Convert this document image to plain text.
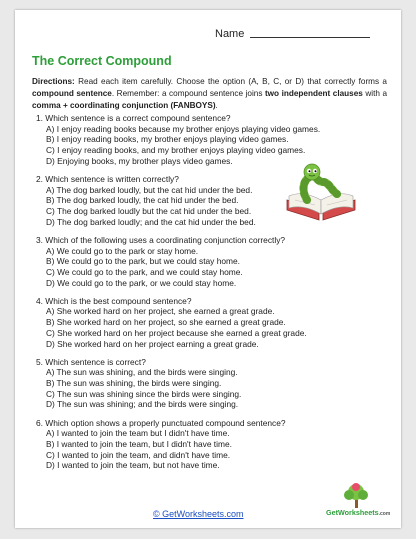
Name
The Correct Compound
Directions: Read each item carefully. Choose the option (A, B, C, or D) that correctly forms a compound sentence. Remember: a compound sentence joins two independent clauses with a comma + coordinating conjunction (FANBOYS).
1. Which sentence is a correct compound sentence?
A) I enjoy reading books because my brother enjoys playing video games.
B) I enjoy reading books, my brother enjoys playing video games.
C) I enjoy reading books, and my brother enjoys playing video games.
D) Enjoying books, my brother plays video games.
2. Which sentence is written correctly?
A) The dog barked loudly, but the cat hid under the bed.
B) The dog barked loudly, the cat hid under the bed.
C) The dog barked loudly but the cat hid under the bed.
D) The dog barked loudly; and the cat hid under the bed.
3. Which of the following uses a coordinating conjunction correctly?
A) We could go to the park or stay home.
B) We could go to the park, but we could stay home.
C) We could go to the park, and we could stay home.
D) We could go to the park, or we could stay home.
4. Which is the best compound sentence?
A) She worked hard on her project, she earned a great grade.
B) She worked hard on her project, so she earned a great grade.
C) She worked hard on her project because she earned a great grade.
D) She worked hard on her project earning a great grade.
5. Which sentence is correct?
A) The sun was shining, and the birds were singing.
B) The sun was shining, the birds were singing.
C) The sun was shining since the birds were singing.
D) The sun was shining; and the birds were singing.
6. Which option shows a properly punctuated compound sentence?
A) I wanted to join the team but I didn't have time.
B) I wanted to join the team, but I didn't have time.
C) I wanted to join the team, and didn't have time.
D) I wanted to join the team, but not have time.
© GetWorksheets.com	GetWorksheets.com
